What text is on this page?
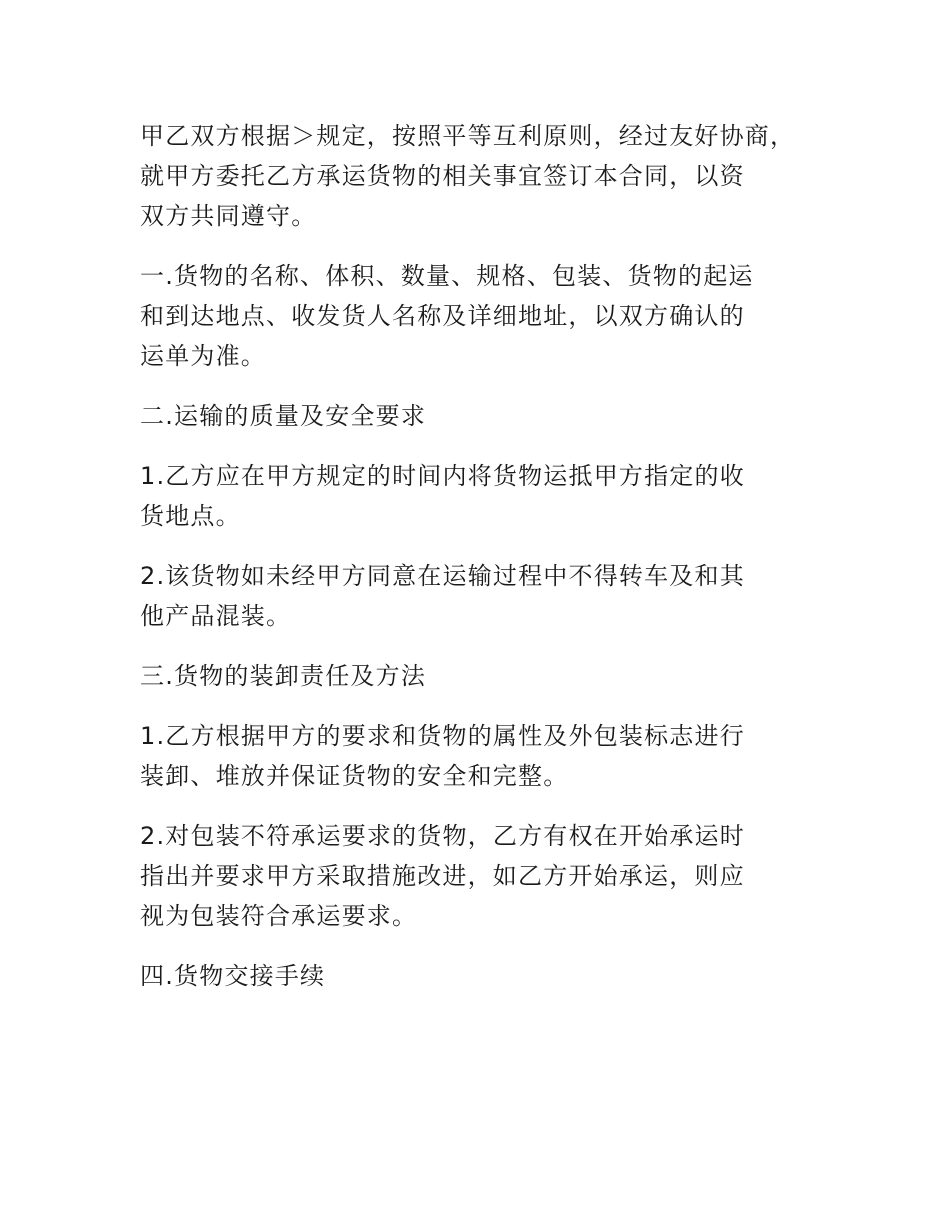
甲乙双方根据＞规定，按照平等互利原则，经过友好协商，
就甲方委托乙方承运货物的相关事宜签订本合同，以资
双方共同遵守。
一.货物的名称、体积、数量、规格、包装、货物的起运
和到达地点、收发货人名称及详细地址，以双方确认的
运单为准。
二.运输的质量及安全要求
1.乙方应在甲方规定的时间内将货物运抵甲方指定的收
货地点。
2.该货物如未经甲方同意在运输过程中不得转车及和其
他产品混装。
三.货物的装卸责任及方法
1.乙方根据甲方的要求和货物的属性及外包装标志进行
装卸、堆放并保证货物的安全和完整。
2.对包装不符承运要求的货物，乙方有权在开始承运时
指出并要求甲方采取措施改进，如乙方开始承运，则应
视为包装符合承运要求。
四.货物交接手续
